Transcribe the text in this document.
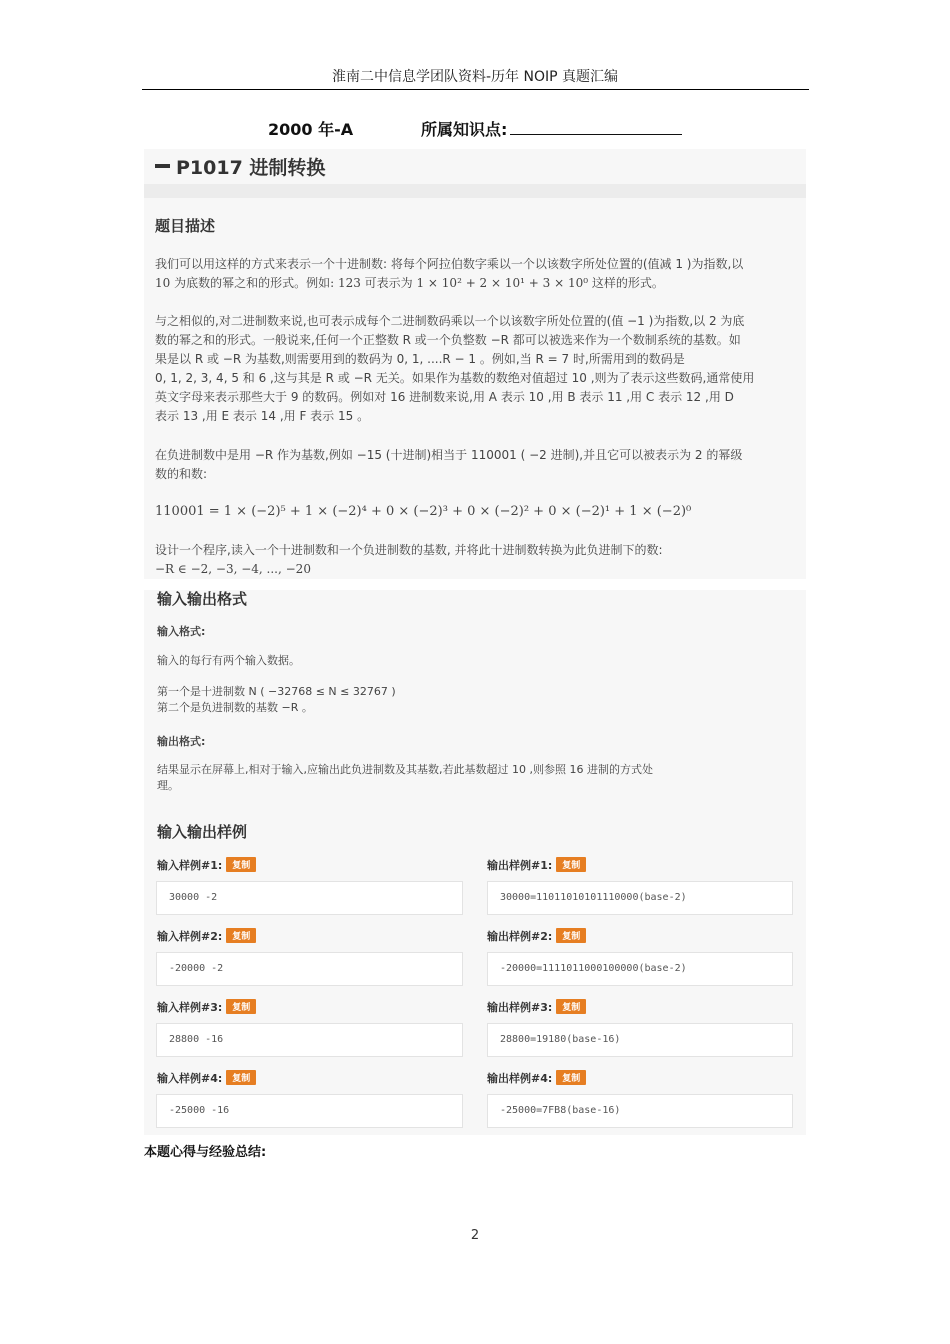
淮南二中信息学团队资料-历年 NOIP 真题汇编
2000 年-A	所属知识点:
P1017 进制转换
题目描述
我们可以用这样的方式来表示一个十进制数: 将每个阿拉伯数字乘以一个以该数字所处位置的(值减 1 )为指数,以
10 为底数的幂之和的形式。例如: 123 可表示为 1 × 10² + 2 × 10¹ + 3 × 10⁰ 这样的形式。
与之相似的,对二进制数来说,也可表示成每个二进制数码乘以一个以该数字所处位置的(值 −1 )为指数,以 2 为底
数的幂之和的形式。一般说来,任何一个正整数 R 或一个负整数 −R 都可以被选来作为一个数制系统的基数。如
果是以 R 或 −R 为基数,则需要用到的数码为 0, 1, ....R − 1 。例如,当 R = 7 时,所需用到的数码是
0, 1, 2, 3, 4, 5 和 6 ,这与其是 R 或 −R 无关。如果作为基数的数绝对值超过 10 ,则为了表示这些数码,通常使用
英文字母来表示那些大于 9 的数码。例如对 16 进制数来说,用 A 表示 10 ,用 B 表示 11 ,用 C 表示 12 ,用 D
表示 13 ,用 E 表示 14 ,用 F 表示 15 。
在负进制数中是用 −R 作为基数,例如 −15 (十进制)相当于 110001 ( −2 进制),并且它可以被表示为 2 的幂级
数的和数:
110001 = 1 × (−2)⁵ + 1 × (−2)⁴ + 0 × (−2)³ + 0 × (−2)² + 0 × (−2)¹ + 1 × (−2)⁰
设计一个程序,读入一个十进制数和一个负进制数的基数, 并将此十进制数转换为此负进制下的数:
−R ∈ −2, −3, −4, ..., −20
输入输出格式
输入格式:
输入的每行有两个输入数据。
第一个是十进制数 N ( −32768 ≤ N ≤ 32767 )
第二个是负进制数的基数 −R 。
输出格式:
结果显示在屏幕上,相对于输入,应输出此负进制数及其基数,若此基数超过 10 ,则参照 16 进制的方式处
理。
输入输出样例
输入样例#1: 复制	输出样例#1: 复制
30000 -2	30000=11011010101110000(base-2)
输入样例#2: 复制	输出样例#2: 复制
-20000 -2	-20000=1111011000100000(base-2)
输入样例#3: 复制	输出样例#3: 复制
28800 -16	28800=19180(base-16)
输入样例#4: 复制	输出样例#4: 复制
-25000 -16	-25000=7FB8(base-16)
本题心得与经验总结:
2
